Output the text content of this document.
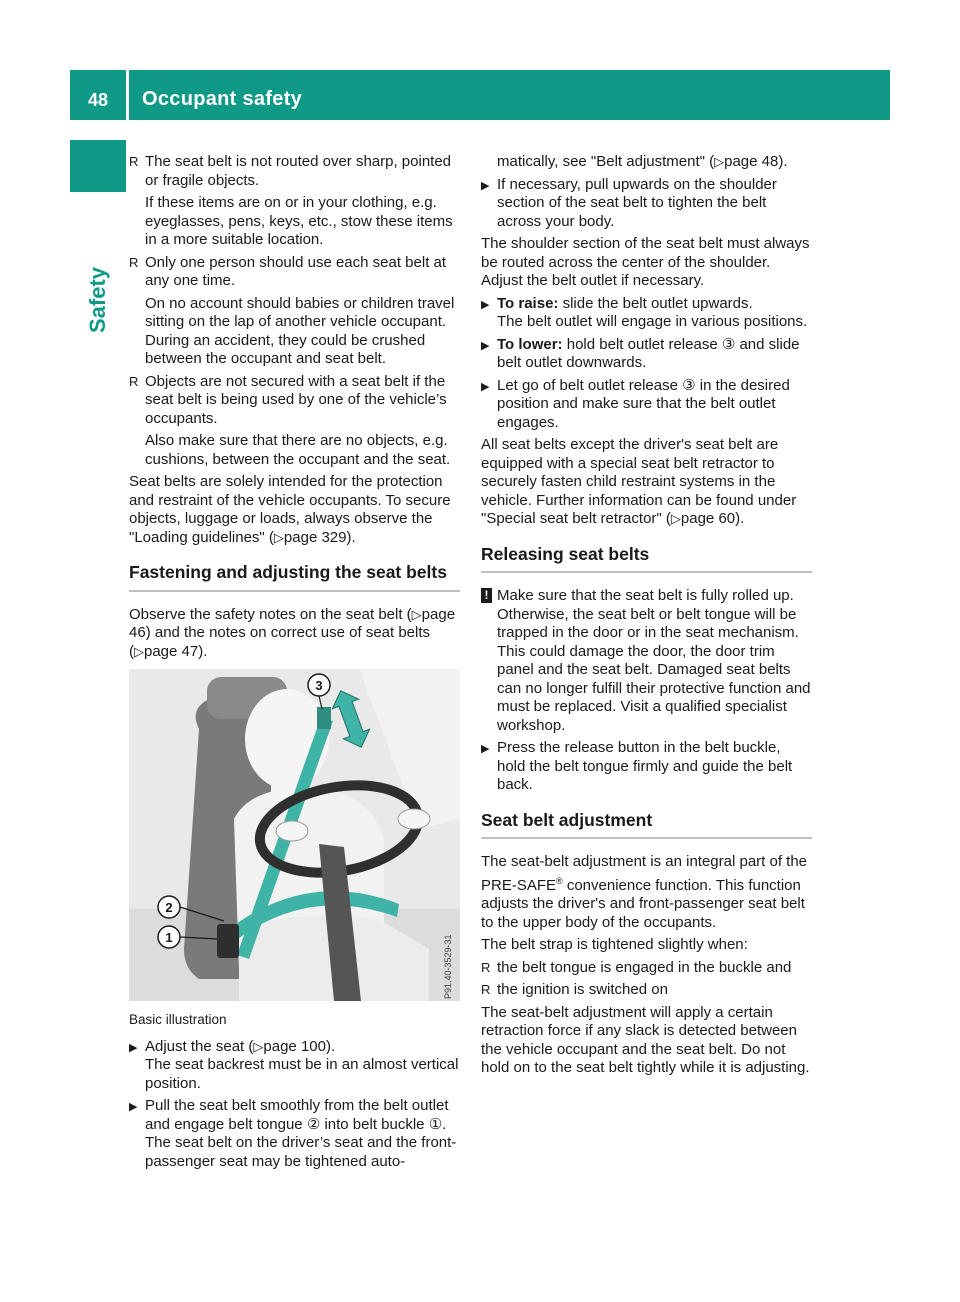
48	Occupant safety
Safety
R The seat belt is not routed over sharp, pointed or fragile objects.

If these items are on or in your clothing, e.g. eyeglasses, pens, keys, etc., stow these items in a more suitable location.

R Only one person should use each seat belt at any one time.

On no account should babies or children travel sitting on the lap of another vehicle occupant. During an accident, they could be crushed between the occupant and seat belt.

R Objects are not secured with a seat belt if the seat belt is being used by one of the vehicle’s occupants.

Also make sure that there are no objects, e.g. cushions, between the occupant and the seat.

Seat belts are solely intended for the protection and restraint of the vehicle occupants. To secure objects, luggage or loads, always observe the "Loading guidelines" (▷page 329).

Fastening and adjusting the seat belts

Observe the safety notes on the seat belt (▷page 46) and the notes on correct use of seat belts (▷page 47).

3
2
1	P91.40-3529-31
Basic illustration
▶ Adjust the seat (▷page 100).
The seat backrest must be in an almost vertical position.

▶ Pull the seat belt smoothly from the belt outlet and engage belt tongue ② into belt buckle ①.
The seat belt on the driver’s seat and the front-passenger seat may be tightened auto-

matically, see "Belt adjustment" (▷page 48).

▶ If necessary, pull upwards on the shoulder section of the seat belt to tighten the belt across your body.

The shoulder section of the seat belt must always be routed across the center of the shoulder. Adjust the belt outlet if necessary.

▶ To raise: slide the belt outlet upwards.
The belt outlet will engage in various positions.

▶ To lower: hold belt outlet release ③ and slide belt outlet downwards.

▶ Let go of belt outlet release ③ in the desired position and make sure that the belt outlet engages.

All seat belts except the driver's seat belt are equipped with a special seat belt retractor to securely fasten child restraint systems in the vehicle. Further information can be found under "Special seat belt retractor" (▷page 60).

Releasing seat belts
! Make sure that the seat belt is fully rolled up. Otherwise, the seat belt or belt tongue will be trapped in the door or in the seat mechanism. This could damage the door, the door trim panel and the seat belt. Damaged seat belts can no longer fulfill their protective function and must be replaced. Visit a qualified specialist workshop.

▶ Press the release button in the belt buckle, hold the belt tongue firmly and guide the belt back.

Seat belt adjustment

The seat-belt adjustment is an integral part of the PRE-SAFE® convenience function. This function adjusts the driver's and front-passenger seat belt to the upper body of the occupants.

The belt strap is tightened slightly when:

R the belt tongue is engaged in the buckle and

R the ignition is switched on

The seat-belt adjustment will apply a certain retraction force if any slack is detected between the vehicle occupant and the seat belt. Do not hold on to the seat belt tightly while it is adjusting.
